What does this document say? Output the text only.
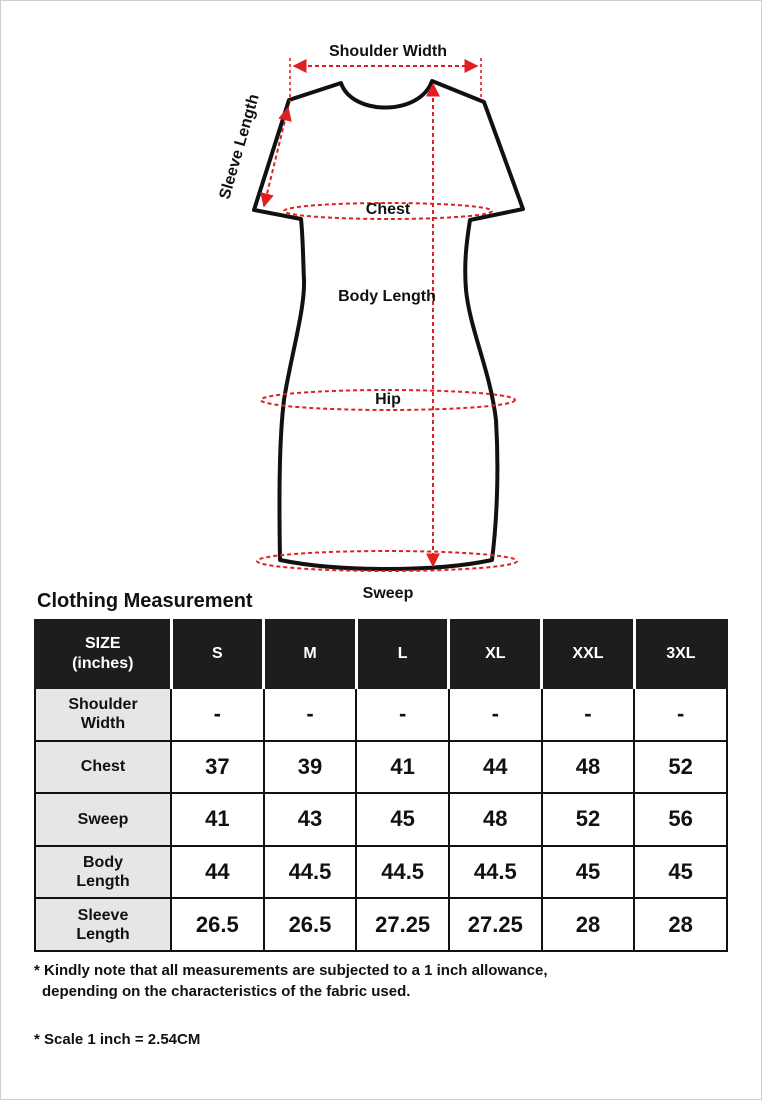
Shoulder Width
Sleeve Length
Chest
Body Length
Hip
Sweep
Clothing Measurement
SIZE
(inches)	S	M	L	XL	XXL	3XL
Shoulder
Width	-	-	-	-	-	-
Chest	37	39	41	44	48	52
Sweep	41	43	45	48	52	56
Body
Length	44	44.5	44.5	44.5	45	45
Sleeve
Length	26.5	26.5	27.25	27.25	28	28

* Kindly note that all measurements are subjected to a 1 inch allowance,
depending on the characteristics of the fabric used.

* Scale 1 inch = 2.54CM
